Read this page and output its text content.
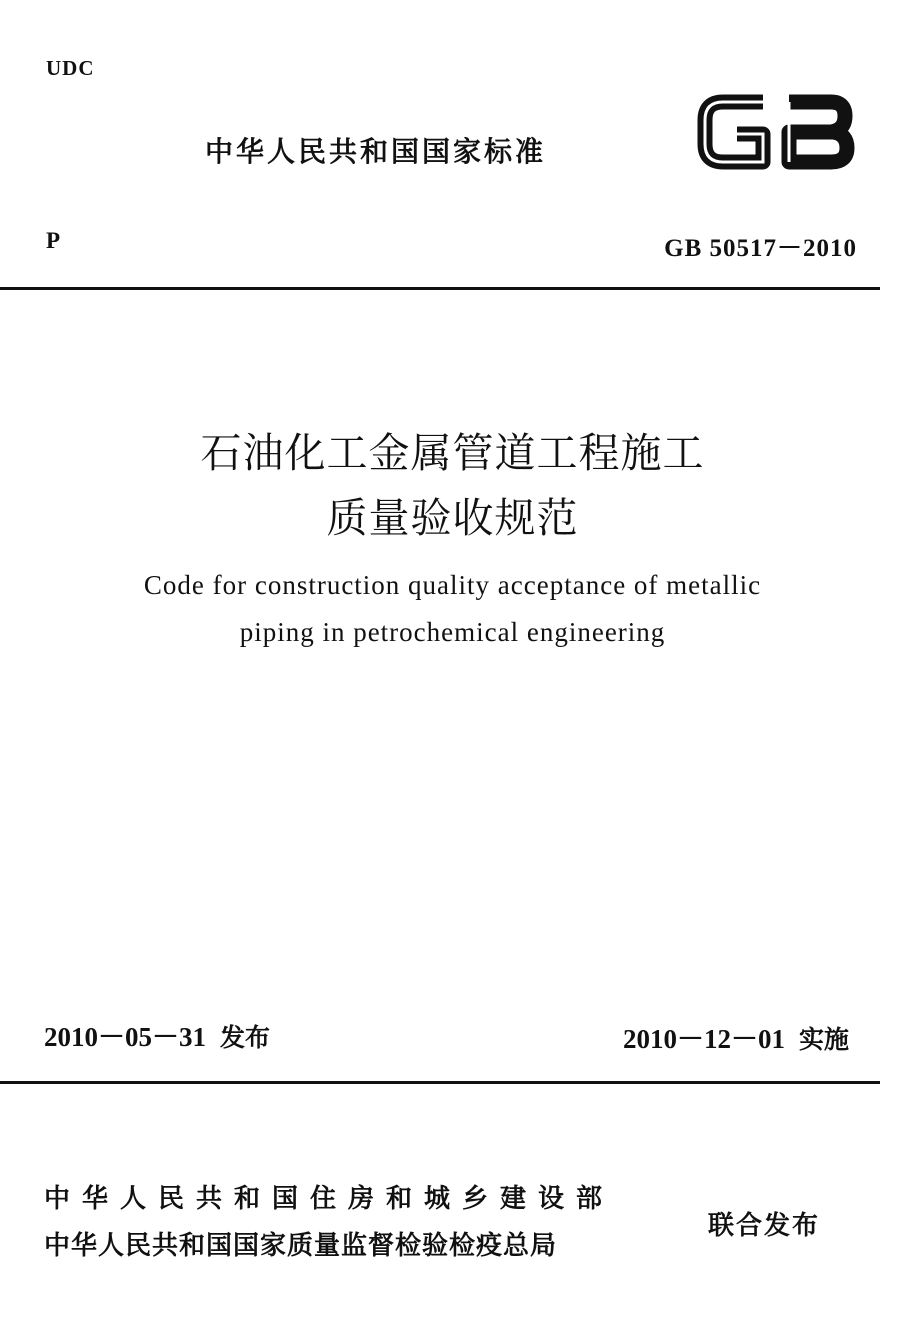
UDC
中华人民共和国国家标准
GB
P	GB 50517－2010
石油化工金属管道工程施工
质量验收规范
Code for construction quality acceptance of metallic
piping in petrochemical engineering
2010－05－31 发布	2010－12－01 实施
中华人民共和国住房和城乡建设部
中华人民共和国国家质量监督检验检疫总局
联合发布
